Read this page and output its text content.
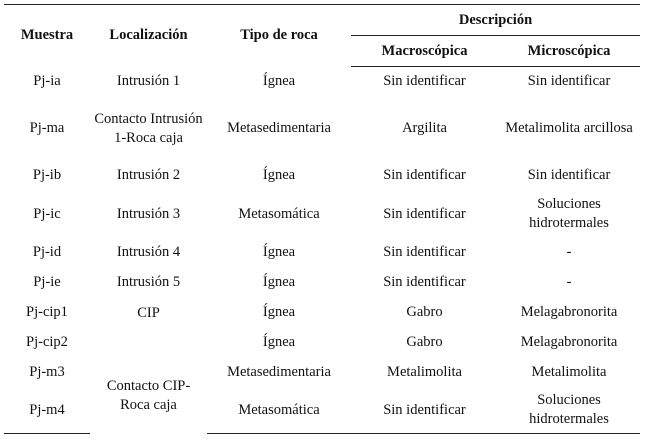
Muestra	Localización	Tipo de roca	Descripción	
			Macroscópica	Microscópica
Pj-ia	Intrusión 1	Ígnea	Sin identificar	Sin identificar
Pj-ma	Contacto Intrusión 1-Roca caja	Metasedimentaria	Argilita	Metalimolita arcillosa
Pj-ib	Intrusión 2	Ígnea	Sin identificar	Sin identificar
Pj-ic	Intrusión 3	Metasomática	Sin identificar	Soluciones hidrotermales
Pj-id	Intrusión 4	Ígnea	Sin identificar	-
Pj-ie	Intrusión 5	Ígnea	Sin identificar	-
Pj-cip1	CIP	Ígnea	Gabro	Melagabronorita
Pj-cip2		Ígnea	Gabro	Melagabronorita
Pj-m3	Contacto CIP-Roca caja	Metasedimentaria	Metalimolita	Metalimolita
Pj-m4		Metasomática	Sin identificar	Soluciones hidrotermales
